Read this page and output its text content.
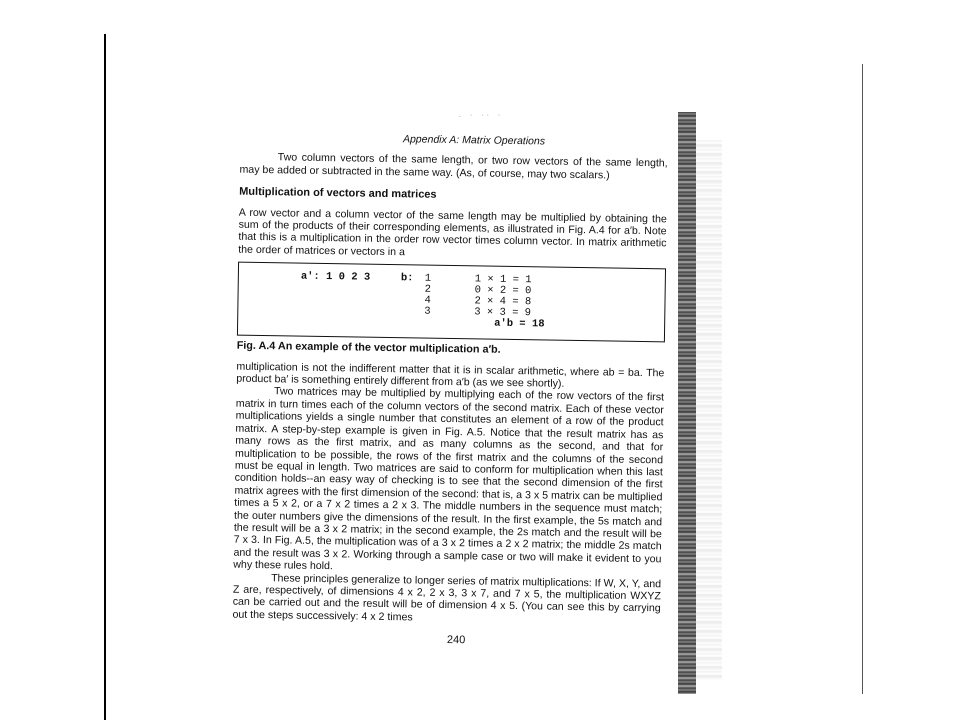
. · ·· ·
Appendix A: Matrix Operations

Two column vectors of the same length, or two row vectors of the same length, may be added or subtracted in the same way. (As, of course, may two scalars.)

Multiplication of vectors and matrices

A row vector and a column vector of the same length may be multiplied by obtaining the sum of the products of their corresponding elements, as illustrated in Fig. A.4 for a′b. Note that this is a multiplication in the order row vector times column vector. In matrix arithmetic the order of matrices or vectors in a

a′: 1 0 2 3	b: 1
2
4
3
1 × 1 = 1
0 × 2 = 0
2 × 4 = 8
3 × 3 = 9
a′b = 18
Fig. A.4 An example of the vector multiplication a′b.

multiplication is not the indifferent matter that it is in scalar arithmetic, where ab = ba. The product ba′ is something entirely different from a′b (as we see shortly).

Two matrices may be multiplied by multiplying each of the row vectors of the first matrix in turn times each of the column vectors of the second matrix. Each of these vector multiplications yields a single number that constitutes an element of a row of the product matrix. A step-by-step example is given in Fig. A.5. Notice that the result matrix has as many rows as the first matrix, and as many columns as the second, and that for multiplication to be possible, the rows of the first matrix and the columns of the second must be equal in length. Two matrices are said to conform for multiplication when this last condition holds--an easy way of checking is to see that the second dimension of the first matrix agrees with the first dimension of the second: that is, a 3 x 5 matrix can be multiplied times a 5 x 2, or a 7 x 2 times a 2 x 3. The middle numbers in the sequence must match; the outer numbers give the dimensions of the result. In the first example, the 5s match and the result will be a 3 x 2 matrix; in the second example, the 2s match and the result will be 7 x 3. In Fig. A.5, the multiplication was of a 3 x 2 times a 2 x 2 matrix; the middle 2s match and the result was 3 x 2. Working through a sample case or two will make it evident to you why these rules hold.

These principles generalize to longer series of matrix multiplications: If W, X, Y, and Z are, respectively, of dimensions 4 x 2, 2 x 3, 3 x 7, and 7 x 5, the multiplication WXYZ can be carried out and the result will be of dimension 4 x 5. (You can see this by carrying out the steps successively: 4 x 2 times

240
